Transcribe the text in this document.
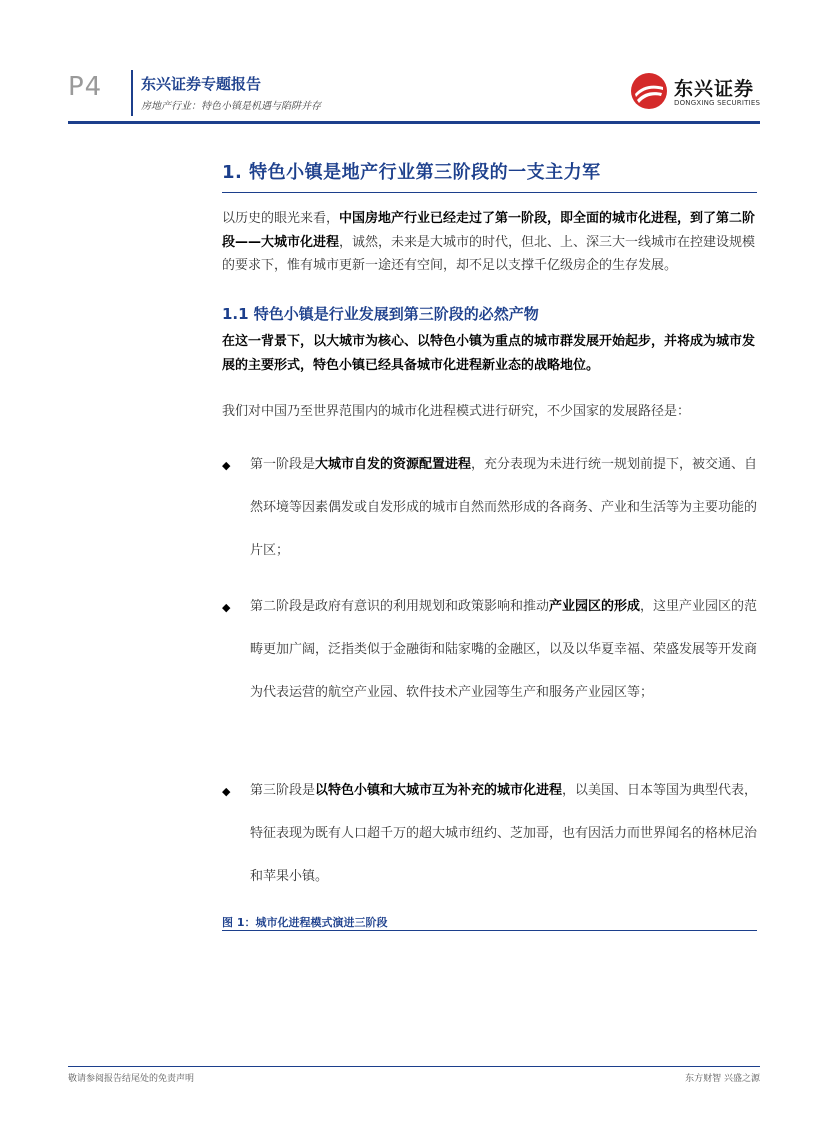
P4	东兴证券专题报告
房地产行业：特色小镇是机遇与陷阱并存
东兴证券
DONGXING SECURITIES
1. 特色小镇是地产行业第三阶段的一支主力军
以历史的眼光来看，中国房地产行业已经走过了第一阶段，即全面的城市化进程，到了第二阶段——大城市化进程，诚然，未来是大城市的时代，但北、上、深三大一线城市在控建设规模的要求下，惟有城市更新一途还有空间，却不足以支撑千亿级房企的生存发展。
1.1 特色小镇是行业发展到第三阶段的必然产物
在这一背景下，以大城市为核心、以特色小镇为重点的城市群发展开始起步，并将成为城市发展的主要形式，特色小镇已经具备城市化进程新业态的战略地位。
我们对中国乃至世界范围内的城市化进程模式进行研究，不少国家的发展路径是：
◆ 第一阶段是大城市自发的资源配置进程，充分表现为未进行统一规划前提下，被交通、自然环境等因素偶发或自发形成的城市自然而然形成的各商务、产业和生活等为主要功能的片区；
◆ 第二阶段是政府有意识的利用规划和政策影响和推动产业园区的形成，这里产业园区的范畴更加广阔，泛指类似于金融街和陆家嘴的金融区，以及以华夏幸福、荣盛发展等开发商为代表运营的航空产业园、软件技术产业园等生产和服务产业园区等；
◆ 第三阶段是以特色小镇和大城市互为补充的城市化进程，以美国、日本等国为典型代表，特征表现为既有人口超千万的超大城市纽约、芝加哥，也有因活力而世界闻名的格林尼治和苹果小镇。
图 1：城市化进程模式演进三阶段
敬请参阅报告结尾处的免责声明	东方财智 兴盛之源
